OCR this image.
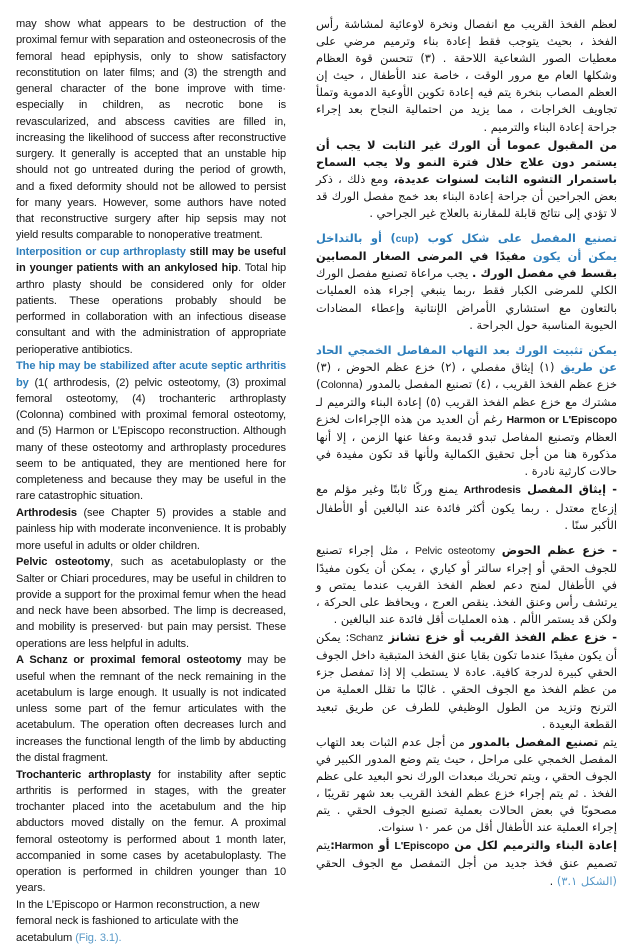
may show what appears to be destruction of the proximal femur with separation and osteonecrosis of the femoral head epiphysis, only to show satisfactory reconstitution on later films; and (3) the strength and general character of the bone improve with time· especially in children, as necrotic bone is revascularized, and abscess cavities are filled in, increasing the likelihood of success after reconstructive surgery. It generally is accepted that an unstable hip should not go untreated during the period of growth, and a fixed deformity should not be allowed to persist for many years. However, some authors have noted that reconstructive surgery after hip sepsis may not yield results comparable to nonoperative treatment.

Interposition or cup arthroplasty still may be useful in younger patients with an ankylosed hip. Total hip arthro plasty should be considered only for older patients. These operations probably should be performed in collaboration with an infectious disease consultant and with the administration of appropriate perioperative antibiotics.

The hip may be stabilized after acute septic arthritis by (1( arthrodesis, (2) pelvic osteotomy, (3) proximal femoral osteotomy, (4) trochanteric arthroplasty (Colonna) combined with proximal femoral osteotomy, and (5) Harmon or L’Episcopo reconstruction. Although many of these osteotomy and arthroplasty procedures seem to be antiquated, they are mentioned here for completeness and because they may be useful in the rare catastrophic situation.

Arthrodesis (see Chapter 5) provides a stable and painless hip with moderate inconvenience. It is probably more useful in adults or older children.

Pelvic osteotomy, such as acetabuloplasty or the Salter or Chiari procedures, may be useful in children to provide a support for the proximal femur when the head and neck have been absorbed. The limp is decreased, and mobility is preserved· but pain may persist. These operations are less helpful in adults.

A Schanz or proximal femoral osteotomy may be useful when the remnant of the neck remaining in the acetabulum is large enough. It usually is not indicated unless some part of the femur articulates with the acetabulum. The operation often decreases lurch and increases the functional length of the limb by abducting the distal fragment.

Trochanteric arthroplasty for instability after septic arthritis is performed in stages, with the greater trochanter placed into the acetabulum and the hip abductors moved distally on the femur. A proximal femoral osteotomy is performed about 1 month later, accompanied in some cases by acetabuloplasty. The operation is performed in children younger than 10 years.

In the L’Episcopo or Harmon reconstruction, a new femoral neck is fashioned to articulate with the acetabulum (Fig. 3.1).

لعظم الفخذ القريب مع انفصال ونخرة لاوعائية لمشاشة رأس الفخذ ، بحيث يتوجب فقط إعادة بناء وترميم مرضي على معطيات الصور الشعاعية اللاحقة . (٣) تتحسن قوة العظام وشكلها العام مع مرور الوقت ، خاصة عند الأطفال ، حيث إن العظم المصاب بنخرة يتم فيه إعادة تكوين الأوعية الدموية وتملأ تجاويف الخراجات ، مما يزيد من احتمالية النجاح بعد إجراء جراحة إعادة البناء والترميم .

من المقبول عموما أن الورك غير الثابت لا يجب أن يستمر دون علاج خلال فترة النمو ولا يجب السماح باستمرار التشوه الثابت لسنوات عديدة، ومع ذلك ، ذكر بعض الجراحين أن جراحة إعادة البناء بعد خمج مفصل الورك قد لا تؤدي إلى نتائج قابلة للمقارنة بالعلاج غير الجراحي .

تصنيع المفصل على شكل كوب (cup) أو بالتداخل يمكن أن يكون مفيدًا في المرضى الصغار المصابين بقسط في مفصل الورك . يجب مراعاة تصنيع مفصل الورك الكلي للمرضى الكبار فقط ،ربما ينبغي إجراء هذه العمليات بالتعاون مع استشاري الأمراض الإنتانية وإعطاء المضادات الحيوية المناسبة حول الجراحة .

يمكن تثبيت الورك بعد التهاب المفاصل الخمجي الحاد عن طريق (١) إيثاق مفصلي ، (٢) خزع عظم الحوض ، (٣) خزع عظم الفخذ القريب ، (٤) تصنيع المفصل بالمدور (Colonna) مشترك مع خزع عظم الفخذ القريب (٥) إعادة البناء والترميم لـ Harmon or L'Episcopo رغم أن العديد من هذه الإجراءات لخزع العظام وتصنيع المفاصل تبدو قديمة وعفا عنها الزمن ، إلا أنها مذكورة هنا من أجل تحقيق الكمالية ولأنها قد تكون مفيدة في حالات كارثية نادرة .

- إيثاق المفصل Arthrodesis يمنع وركًا ثابتًا وغير مؤلم مع إزعاج معتدل . ربما يكون أكثر فائدة عند البالغين أو الأطفال الأكبر سنًا .

- خزع عظم الحوض Pelvic osteotomy ، مثل إجراء تصنيع للجوف الحقي أو إجراء سالتر أو كياري ، يمكن أن يكون مفيدًا في الأطفال لمنح دعم لعظم الفخذ القريب عندما يمتص و يرتشف رأس وعنق الفخذ. ينقص العرج ، ويحافظ على الحركة ، ولكن قد يستمر الألم . هذه العمليات أقل فائدة عند البالغين .

- خزع عظم الفخذ القريب أو خزع تشانز Schanz: يمكن أن يكون مفيدًا عندما تكون بقايا عنق الفخذ المتبقية داخل الجوف الحقي كبيرة لدرجة كافية. عادة لا يستطب إلا إذا تمفصل جزء من عظم الفخذ مع الجوف الحقي . غالبًا ما تقلل العملية من الترنح وتزيد من الطول الوظيفي للطرف عن طريق تبعيد القطعة البعيدة .

يتم تصنيع المفصل بالمدور من أجل عدم الثبات بعد التهاب المفصل الخمجي على مراحل ، حيث يتم وضع المدور الكبير في الجوف الحقي ، ويتم تحريك مبعدات الورك نحو البعيد على عظم الفخذ . ثم يتم إجراء خزع عظم الفخذ القريب بعد شهر تقريبًا ، مصحوبًا في بعض الحالات بعملية تصنيع الجوف الحقي . يتم إجراء العملية عند الأطفال أقل من عمر ١٠ سنوات.

إعادة البناء والترميم لكل من L'Episcopo أو Harmon:يتم تصميم عنق فخذ جديد من أجل التمفصل مع الجوف الحقي (الشكل ٣.١) .
